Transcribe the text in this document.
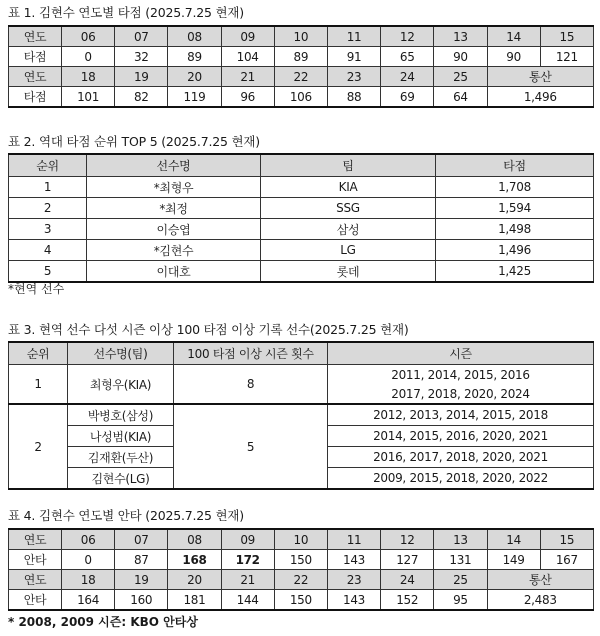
표 1. 김현수 연도별 타점 (2025.7.25 현재)
연도	06	07	08	09	10	11	12	13	14	15
타점	0	32	89	104	89	91	65	90	90	121
연도	18	19	20	21	22	23	24	25	통산	
타점	101	82	119	96	106	88	69	64	1,496	
표 2. 역대 타점 순위 TOP 5 (2025.7.25 현재)
순위	선수명	팀	타점
1	*최형우	KIA	1,708
2	*최정	SSG	1,594
3	이승엽	삼성	1,498
4	*김현수	LG	1,496
5	이대호	롯데	1,425
*현역 선수
표 3. 현역 선수 다섯 시즌 이상 100 타점 이상 기록 선수(2025.7.25 현재)
순위	선수명(팀)	100 타점 이상 시즌 횟수	시즌
1	최형우(KIA)	8	2011, 2014, 2015, 2016
			2017, 2018, 2020, 2024
2	박병호(삼성)	5	2012, 2013, 2014, 2015, 2018
	나성범(KIA)		2014, 2015, 2016, 2020, 2021
	김재환(두산)		2016, 2017, 2018, 2020, 2021
	김현수(LG)		2009, 2015, 2018, 2020, 2022
표 4. 김현수 연도별 안타 (2025.7.25 현재)
연도	06	07	08	09	10	11	12	13	14	15
안타	0	87	168	172	150	143	127	131	149	167
연도	18	19	20	21	22	23	24	25	통산	
안타	164	160	181	144	150	143	152	95	2,483	
* 2008, 2009 시즌: KBO 안타상
